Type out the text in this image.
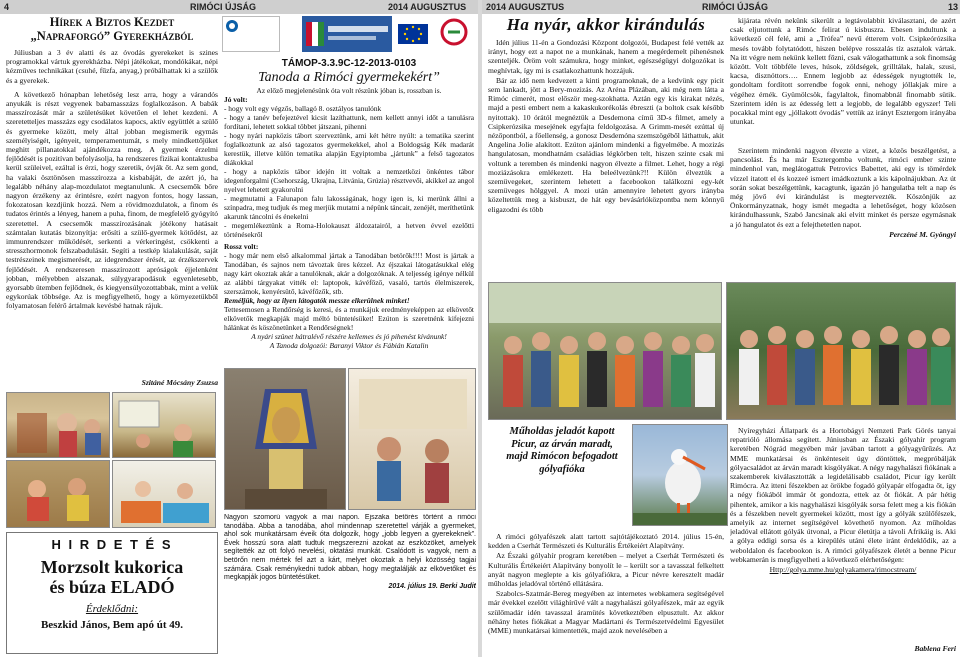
4	RIMÓCI ÚJSÁG	2014 AUGUSZTUS
Hírek a Biztos Kezdet
„Napraforgó” Gyerekházból

Júliusban a 3 év alatti és az óvodás gyerekeket is szines programokkal vártuk gyerekházba. Népi játékokat, mondókákat, népi kézműves technikákat (csuhé, fűzfa, anyag,) próbálhattak ki a szülők és a gyerekek.

A következő hónapban lehetőség lesz arra, hogy a várandós anyukák is részt vegyenek babamasszázs foglalkozáson. A babák masszírozását már a születésüket követően el lehet kezdeni. A szeretetteljes masszázs egy csodálatos kapocs, aktív együttlét a szülő és gyermeke között, mely által jobban megismerik egymás személyiségét, igényeit, temperamentumát, s mely mindkettőjüket meghitt pillanatokkal ajándékozza meg. A gyermek érzelmi fejlődését is pozitívan befolyásolja, ha rendszeres fizikai kontaktusba kerül szüleivel, ezáltal is érzi, hogy szeretik, óvják őt. Az sem gond, ha valaki ösztönösen masszírozza a kisbabáját, de azért jó, ha legalább néhány alap-mozdulatot megtanulunk. A csecsemők bőre nagyon érzékeny az érintésre, ezért nagyon fontos, hogy lassan, fokozatosan kezdjünk hozzá. Nem a rövidmozdulatok, a finom és tudatos érintés a lényeg, hanem a puha, finom, de megfelelő gyógyító szeretettel. A csecsemők masszírozásának jótékony hatásait számtalan kutatás bizonyítja: erősíti a szülő-gyermek kötődést, az immunrendszer működését, serkenti a vérkeringést, csökkenti a stresszhormonok felszabadulását. Segíti a testkép kialakulását, saját testrészeinek megismerését, az idegrendszer érését, az érzékszervek fejlődését. A rendszeresen masszírozott apróságok éjjelenként jobban, mélyebben alszanak, súlygyarapodásuk egyenletesebb, gyorsabb ütemben fejlődnek, és kiegyensúlyozottabbak, mint a velük egykorúak többsége. Az is megfigyelhető, hogy a környezetükből folyamatosan felérő ártalmak kevésbé hatnak rájuk.

Szitáné Mócsány Zsuzsa
H I R D E T É S
Morzsolt kukorica
és búza ELADÓ
Érdeklődni:
Beszkid János, Bem apó út 49.
TÁMOP-3.3.9C-12-2013-0103
Tanoda a Rimóci gyermekekért”
Az előző megjelenésünk óta volt részünk jóban is, rosszban is.
Jó volt:
- hogy volt egy végzős, ballagó 8. osztályos tanulónk
- hogy a tanév befejeztével kicsit lazíthattunk, nem kellett annyi időt a tanulásra fordítani, lehetett sokkal többet játszani, pihenni
- hogy nyári napközis tábort szerveztünk, ami két hétre nyúlt: a tematika szerint foglalkoztunk az alsó tagozatos gyermekekkel, ahol a Boldogság Kék madarát kerestük, illetve külön tematika alapján Egyiptomba „jártunk” a felső tagozatos diákokkal
- hogy a napközis tábor idején itt voltak a nemzetközi önkéntes tábor idegenforgalmi (Csehország, Ukrajna, Litvánia, Grúzia) résztvevői, akikkel az angol nyelvet lehetett gyakorolni
- megmutatni a Falunapon falu lakosságának, hogy igen is, ki merünk állni a színpadra, meg tudjuk és meg merjük mutatni a népünk táncait, zenéjét, meríthetünk akarunk táncolni és énekelni
- megemlékeztünk a Roma-Holokauszt áldozatairól, a hetven évvel ezelőtti történésekről
Rossz volt:
- hogy már nem első alkalommal jártak a Tanodában betörők!!!! Most is jártak a Tanodában, és sajnos nem távoztak üres kézzel. Az éjszakai látogatásukkal elég nagy kárt okoztak akár a tanulóknak, akár a dolgozóknak. A teljesség igénye nélkül az alábbi tárgyakat vitték el: laptopok, kávéfőző, vasaló, tartós élelmiszerek, szerszámok, kenyérsütő, kávéfőzők, stb.
Reméljük, hogy az ilyen látogatók messze elkerülnek minket!
Tettesemosen a Rendőrség is keresi, és a munkájuk eredményeképpen az elkövetőt elkövetők megkapják majd méltó büntetésüket! Ezúton is szeretnénk kifejezni hálánkat és köszönetünket a Rendőrségnek!
A nyári szünet hátralévő részére kellemes és jó pihenést kívánunk!
A Tanoda dolgozói: Baranyi Viktor és Fábián Katalin
Nagyon szomorú vagyok a mai napon. Éjszaka betörés történt a rimóci tanodába. Abba a tanodába, ahol mindennap szeretettel várják a gyermeket, ahol sok munkatársam éveik óta dolgozik, hogy „jobb legyen a gyerekeknek”. Évek hosszú sora alatt tudtuk megszerezni azokat az eszközöket, amelyek segítették az ott folyó nevelési, oktatási munkát. Csalódott is vagyok, nem a betörőn nem mértek fel azt a kárt, melyet okoztak a helyi közösség tagjai számára. Csak reménykedni tudok abban, hogy megtalálják az elkövetőket és megkapják jogos büntetésüket.
2014. július 19. Berki Judit
2014 AUGUSZTUS	RIMÓCI ÚJSÁG	13
Ha nyár, akkor kirándulás

Idén július 11-én a Gondozási Központ dolgozói, Budapest felé vették az irányt, hogy ezt a napot ne a munkának, hanem a megérdemelt pihenésnek szenteljék. Öröm volt számukra, hogy minket, egészségügyi dolgozókat is meghívtak, így mi is csatlakozhattunk hozzájuk.

Bár az idő nem kedvezett a kinti programoknak, de a kedvünk egy picit sem lankadt, jött a Bery-mozizás. Az Aréna Plázában, aki még nem látta a Rimóc címerét, most először meg-szokhatta. Aztán egy kis kirakat nézés, majd a pesti embert nem a kakaskukorékolás ébreszti (a boltok csak később nyitottak). 10 órától megnéztük a Desdemona című 3D-s filmet, amely a Csipkerózsika mesejének egyfajta feldolgozása. A Grimm-mesét ezúttal új nézőpontból, a főellenség, a gonosz Desdemóna szemszögéből láthattuk, akit Angelina Jolie alakított. Ezúton ajánlom mindenki a figyelmébe. A mozizás hangulatosan, mondhatnám családias légkörben telt, hiszen szinte csak mi voltunk a teremben és mindenki nagyon élvezte a filmet. Lehet, hogy a régi moziázásokra emlékezett. Ha beleélvezünk?!! Külön élveztük a szemüvegeket, szerintem lehetett a facebookon találkozni egy-két szemüveges hölggyel. A mozi után amennyire lehetett gyors irányba közeltettük meg a kisbuszt, de hát egy bevásárlóközpontba nem könnyű eligazodni és több

kijárata révén nekünk sikerült a legtávolabbit kiválasztani, de azért csak eljutottunk a Rimóc felirat ú kisbuszra. Ebesen indultunk a következő cél felé, ami a „Trófea” nevű étterem volt. Csipkeórózsika mesés tovább folytatódott, hiszen belépve rosszalás tíz asztalok vártak. Na itt végre nem nekünk kellett főzni, csak válogathattunk a sok finomság között. Volt többféle leves, húsok, zöldségek, grilltálak, halak, szusi, kacsa, disznóttors…. Ennem legjobb az édességek nyugtotték le, gondoltam fordított sorrendbe fogok enni, nehogy jóllakjak mire a végéhez érnék. Gyümölcsök, fagylaltok, finomabbnál finomabb sütik. Szerintem idén is az édesség lett a legjobb, de legalább egyszer! Teli pocakkal mint egy „jóllakott óvodás” vettük az irányt Esztergom irányába utunkat.

Szerintem mindenki nagyon élvezte a vizet, a közös beszélgetést, a pancsolást. És ha már Esztergomba voltunk, rimóci ember szinte mindenhol van, meglátogattuk Petrovics Babettet, aki egy is tömérdek vízzel itatott el és kozzeé ismert imádkoztunk a kis kápolnájukban. Az út során sokat beszélgettünk, kacagtunk, igazán jó hangulatba telt a nap és még jövő évi kirándulást is megtervezték. Köszönjük az Önkormányzatnak, hogy ismét megadta a lehetőséget, hogy közösen kirándulhassunk, Szabó Jancsinak aki elvitt minket és persze egymásnak a jó hangulatot és ezt a felejthetetlen napot.

Perczéné M. Gyöngyi
Műholdas jeladót kapott Picur, az árván maradt, majd Rimócon befogadott gólyafióka

A rimóci gólyafészek alatt tartott sajtótájékoztató 2014. július 15-én, kedden a Cserhát Természeti és Kulturális Értékeiért Alapítvány.

Az Északi gólyahír program keretében – melyet a Cserhát Természeti és Kulturális Értékeiért Alapítvány bonyolít le – került sor a tavasszal felkeltett anyát nagyon meglepte a kis gólyafiókra, a Picur névre keresztelt madár műholdas jeladóval történő ellátására.

Szabolcs-Szatmár-Bereg megyében az internetes webkamera segítségével már évekkel ezelőtt világhírűvé vált a nagyhalászi gólyafészek, már az egyik szülőmadár idén tavasszal áramütés következtében elpusztult. Az akkor néhány hetes fiókákat a Magyar Madártani és Természetvédelmi Egyesület (MME) munkatársai kimentették, majd azok nevelésében a

Nyíregyházi Állatpark és a Hortobágyi Nemzeti Park Görés tanyai repatrióló állomása segített. Júniusban az Északi gólyahír program keretében Nógrád megyében már javában tartott a gólyagyűrűzés. Az MME munkatársai és önkénteseit úgy döntöttek, megpróbálják gólyacsaládot az árván maradt kisgólyákat. A négy nagyhalászi fiókának a szakemberek kiválasztották a legidelálisabb családot, Picur így került Rimócra. Az itteni fészekben az örökbe fogadó gólyapár elfogadta őt, így a négy fiókából immár öt gondozta, ettek az öt fiókát. A pár hétig pihentek, amikor a kis nagyhalászi kisgólyák sorsa felett meg a kis fiókán és a fészekben nevelt gyermekei között, most így a gólyák szülőfészek, amelyik az internet segítségével követhető nyomon. Az műholdas jeladóval ellátott gólyák útvonal, a Picur életútja a távoli Afrikáig is. Aki a gólya eddigi sorsa és a kirepülés utáni élete iránt érdeklődik, az a weboldalon és facebookon is. A rimóci gólyafészek életét a benne Picur webkamerán is megfigyelheti a következő elérhetőségen:

Http://golya.mme.hu/golyakamera/rimocstream/
Bablena Feri
